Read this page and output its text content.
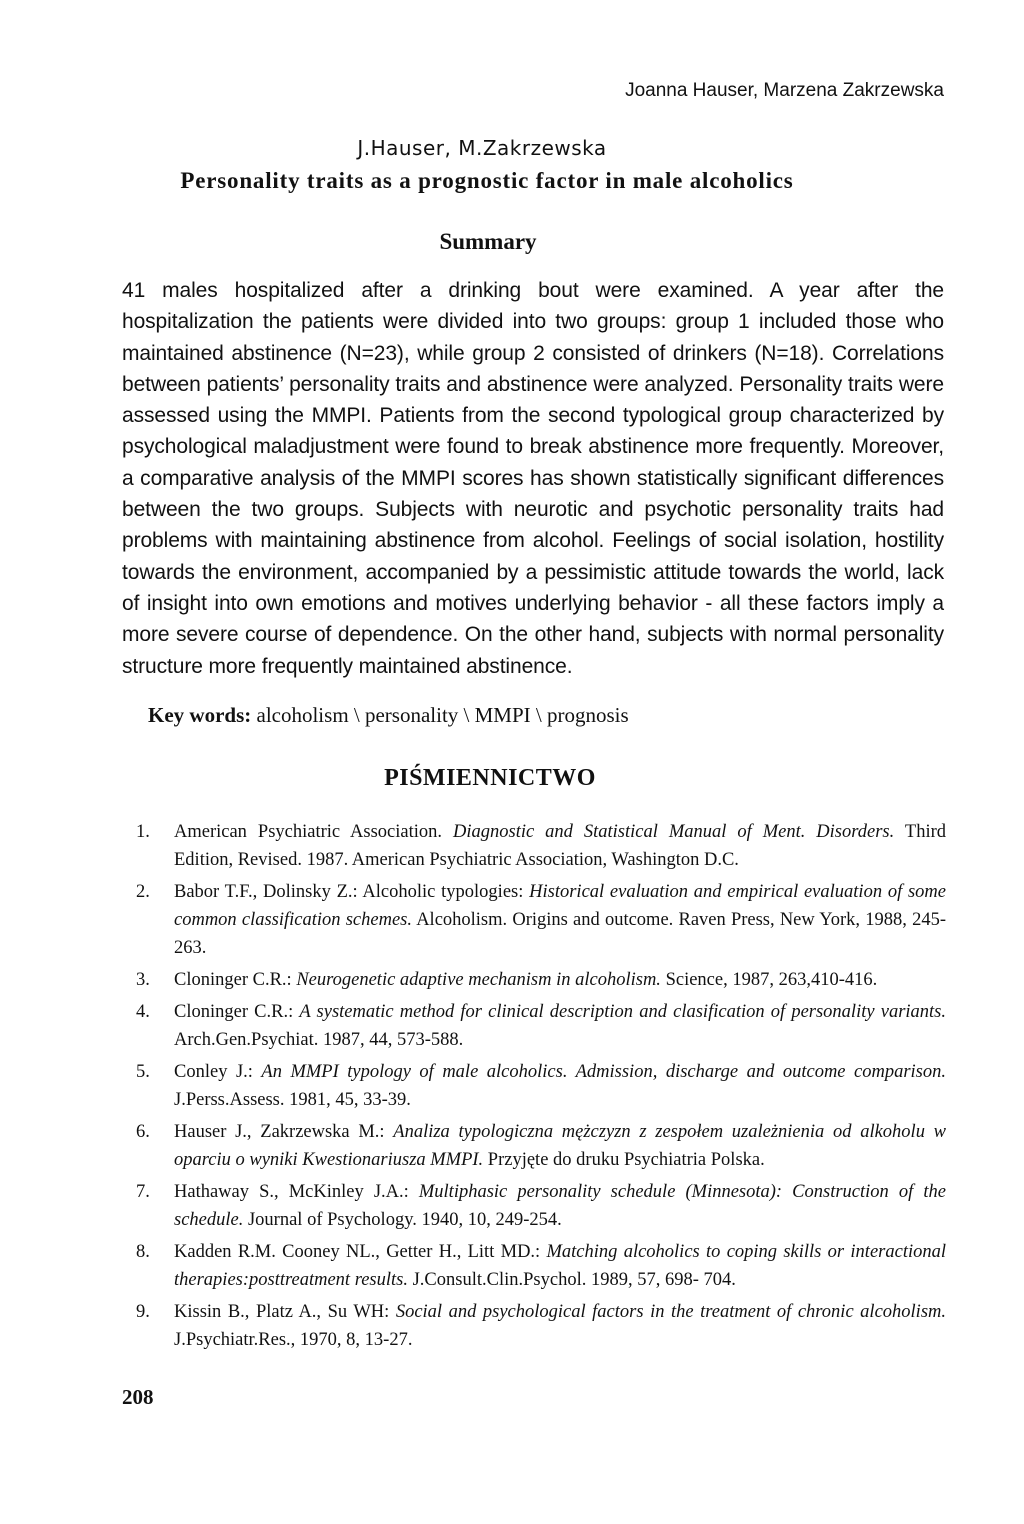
Joanna Hauser, Marzena Zakrzewska
J.Hauser, M.Zakrzewska
Personality traits as a prognostic factor in male alcoholics
Summary
41 males hospitalized after a drinking bout were examined. A year after the hospitalization the patients were divided into two groups: group 1 included those who maintained abstinence (N=23), while group 2 consisted of drinkers (N=18). Correlations between patients’ personality traits and abstinence were analyzed. Personality traits were assessed using the MMPI. Patients from the second typological group characterized by psychological maladjustment were found to break abstinence more frequently. Moreover, a comparative analysis of the MMPI scores has shown statistically significant differences between the two groups. Subjects with neurotic and psychotic personality traits had problems with maintaining abstinence from alcohol. Feelings of social isolation, hostility towards the environment, accompanied by a pessimistic attitude towards the world, lack of insight into own emotions and motives underlying behavior - all these factors imply a more severe course of dependence. On the other hand, subjects with normal personality structure more frequently maintained abstinence.
Key words: alcoholism \ personality \ MMPI \ prognosis
PIŚMIENNICTWO
1. American Psychiatric Association. Diagnostic and Statistical Manual of Ment. Disorders. Third Edition, Revised. 1987. American Psychiatric Association, Washington D.C.
2. Babor T.F., Dolinsky Z.: Alcoholic typologies: Historical evaluation and empirical evaluation of some common classification schemes. Alcoholism. Origins and outcome. Raven Press, New York, 1988, 245-263.
3. Cloninger C.R.: Neurogenetic adaptive mechanism in alcoholism. Science, 1987, 263,410-416.
4. Cloninger C.R.: A systematic method for clinical description and clasification of personality variants. Arch.Gen.Psychiat. 1987, 44, 573-588.
5. Conley J.: An MMPI typology of male alcoholics. Admission, discharge and outcome comparison. J.Perss.Assess. 1981, 45, 33-39.
6. Hauser J., Zakrzewska M.: Analiza typologiczna mężczyzn z zespołem uzależnienia od alkoholu w oparciu o wyniki Kwestionariusza MMPI. Przyjęte do druku Psychiatria Polska.
7. Hathaway S., McKinley J.A.: Multiphasic personality schedule (Minnesota): Construction of the schedule. Journal of Psychology. 1940, 10, 249-254.
8. Kadden R.M. Cooney NL., Getter H., Litt MD.: Matching alcoholics to coping skills or interactional therapies:posttreatment results. J.Consult.Clin.Psychol. 1989, 57, 698- 704.
9. Kissin B., Platz A., Su WH: Social and psychological factors in the treatment of chronic alcoholism. J.Psychiatr.Res., 1970, 8, 13-27.
208
